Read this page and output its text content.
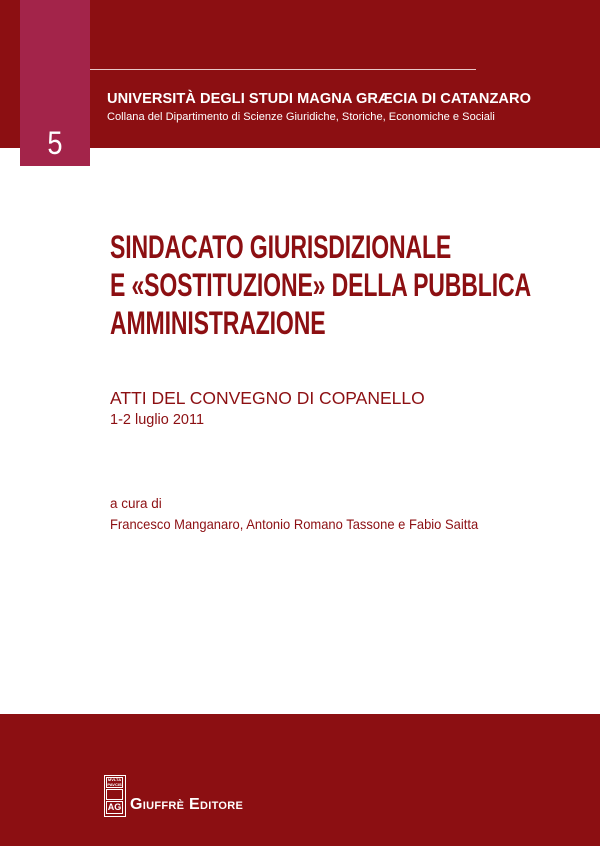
5
UNIVERSITÀ DEGLI STUDI MAGNA GRÆCIA DI CATANZARO
Collana del Dipartimento di Scienze Giuridiche, Storiche, Economiche e Sociali
SINDACATO GIURISDIZIONALE
E «SOSTITUZIONE» DELLA PUBBLICA
AMMINISTRAZIONE
ATTI DEL CONVEGNO DI COPANELLO
1-2 luglio 2011
a cura di
Francesco Manganaro, Antonio Romano Tassone e Fabio Saitta
MVLTA PAVCIS
AG Giuffrè Editore
